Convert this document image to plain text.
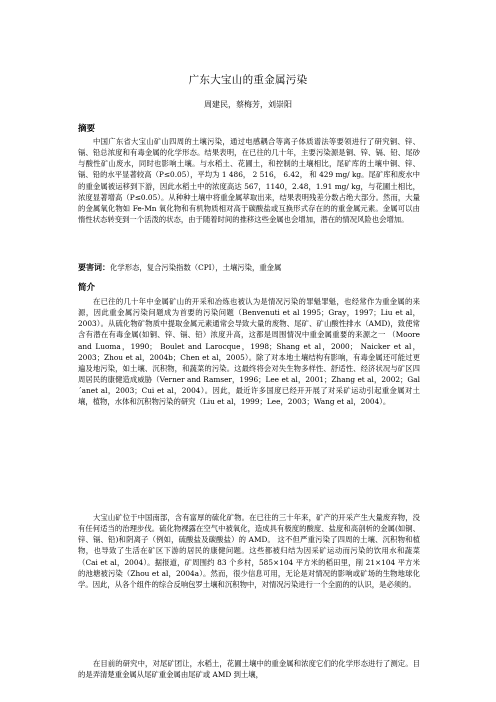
广东大宝山的重金属污染
周建民，蔡梅芳，刘崇阳
摘要

中国广东省大宝山矿山四周的土壤污染，通过电感耦合等离子体质谱法等要领进行了研究铜、锌、镉、铅总浓度和有毒金属的化学形态。结果表明，在已往的几十年，主要污染源是铜、锌、镉、铅、尾砂与酸性矿山废水，同时也影响土壤。与水稻土、花圃土，和控制的土壤相比，尾矿库的土壤中铜、锌、镉、铅的水平显著较高（P≤0.05），平均为 1 486， 2 516， 6.42， 和 429 mg/ kg。尾矿库和废水中的重金属被运移到下游，因此水稻土中的浓度高达 567，1140，2.48，1.91 mg/ kg，与花圃土相比，浓度显著增高（P≤0.05）。从种种土壤中将重金属萃取出来，结果表明残差分数占绝大部分。然而，大量的金属氧化物如 Fe-Mn 氧化物和有机物质相对高于碳酸盐或互换形式存在的的重金属元素。金属可以由惰性状态转变到一个活泼的状态，由于随着时间的推移这些金属也会增加，潜在的情况风险也会增加。

要害词：化学形态，复合污染指数（CPI），土壤污染，重金属
简介

在已往的几十年中金属矿山的开采和冶炼也被认为是情况污染的罪魁罪魁，也经常作为重金属的来源，因此重金属污染问题成为首要的污染问题（Benvenuti et al 1995；Gray，1997；Liu et al，2003）。从硫化物矿物质中提取金属元素通常会导致大量的废物、尾矿、矿山酸性排水（AMD)，致使常含有潜在有毒金属(如铜、锌、镉、铅）浓度升高，这都是周围情况中重金属重要的来源之一 （Moore and Luoma，1990； Boulet and Larocque，1998；Shang et al，2000； Naicker et al，2003；Zhou et al，2004b；Chen et al，2005）。除了对本地土壤结构有影响，有毒金属还可能过更遍及地污染，如土壤、沉积物，和蔬菜的污染。这最终将会对失生物多样性、舒适性、经济状况与矿区四周居民的康健造成威胁（Verner and Ramser，1996；Lee et al，2001；Zhang et al，2002；Gal´anet al，2003；Cui et al，2004）。因此，最近许多国度已经开开展了对采矿运动引起重金属对土壤，植物，水体和沉积物污染的研究（Liu et al，1999；Lee，2003；Wang et al，2004）。

大宝山矿位于中国南部，含有富厚的硫化矿物。在已往的三十年来，矿产的开采产生大量废弃物，没有任何适当的治理步伐。硫化物裸露在空气中被氧化，造成具有极度的酸度、盐度和高剖析的金属(如铜、锌、镉、铅)和阴离子（例如，硫酸盐及碳酸盐）的 AMD。 这不但严重污染了四周的土壤、沉积物和植物，也导致了生活在矿区下游的居民的康健问题。这些都被归结为因采矿运动而污染的饮用水和蔬菜 （Cai et al，2004）。据报道，矿周围约 83 个乡村，585×104 平方米的稻田里，削 21×104 平方米的池塘被污染（Zhou et al，2004a）。然而，很少信息可用，无论是对情况的影响或矿场的生物地球化学。因此，从各个组件的综合反响包罗土壤和沉积物中，对情况污染进行一个全面的的认识，是必须的。

在目前的研究中，对尾矿团让，水稻土，花圃土壤中的重金属和浓度它们的化学形态进行了测定。目的是弄清楚重金属从尾矿重金属由尾矿或 AMD 到土壤，
